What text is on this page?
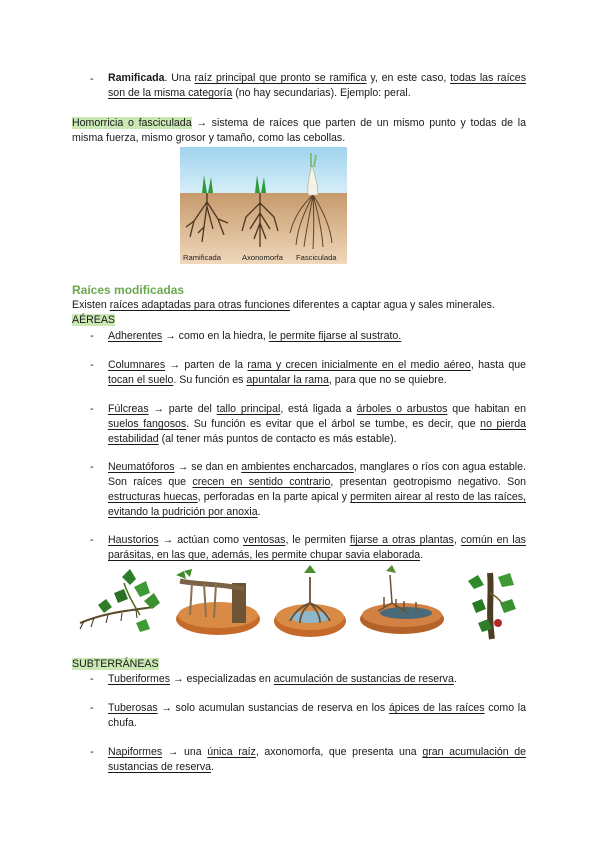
- Ramificada. Una raíz principal que pronto se ramifica y, en este caso, todas las raíces son de la misma categoría (no hay secundarias). Ejemplo: peral.
Homorricia o fasciculada → sistema de raíces que parten de un mismo punto y todas de la misma fuerza, mismo grosor y tamaño, como las cebollas.
Ramificada	Axonomorfa Fasciculada
Raíces modificadas
Existen raíces adaptadas para otras funciones diferentes a captar agua y sales minerales.
AÉREAS
- Adherentes → como en la hiedra, le permite fijarse al sustrato.
- Columnares → parten de la rama y crecen inicialmente en el medio aéreo, hasta que tocan el suelo. Su función es apuntalar la rama, para que no se quiebre.
- Fúlcreas → parte del tallo principal, está ligada a árboles o arbustos que habitan en suelos fangosos. Su función es evitar que el árbol se tumbe, es decir, que no pierda estabilidad (al tener más puntos de contacto es más estable).
- Neumatóforos → se dan en ambientes encharcados, manglares o ríos con agua estable. Son raíces que crecen en sentido contrario, presentan geotropismo negativo. Son estructuras huecas, perforadas en la parte apical y permiten airear al resto de las raíces, evitando la pudrición por anoxia.
- Haustorios → actúan como ventosas, le permiten fijarse a otras plantas, común en las parásitas, en las que, además, les permite chupar savia elaborada.
SUBTERRÁNEAS
- Tuberiformes → especializadas en acumulación de sustancias de reserva.
- Tuberosas → solo acumulan sustancias de reserva en los ápices de las raíces como la chufa.
- Napiformes → una única raíz, axonomorfa, que presenta una gran acumulación de sustancias de reserva.
